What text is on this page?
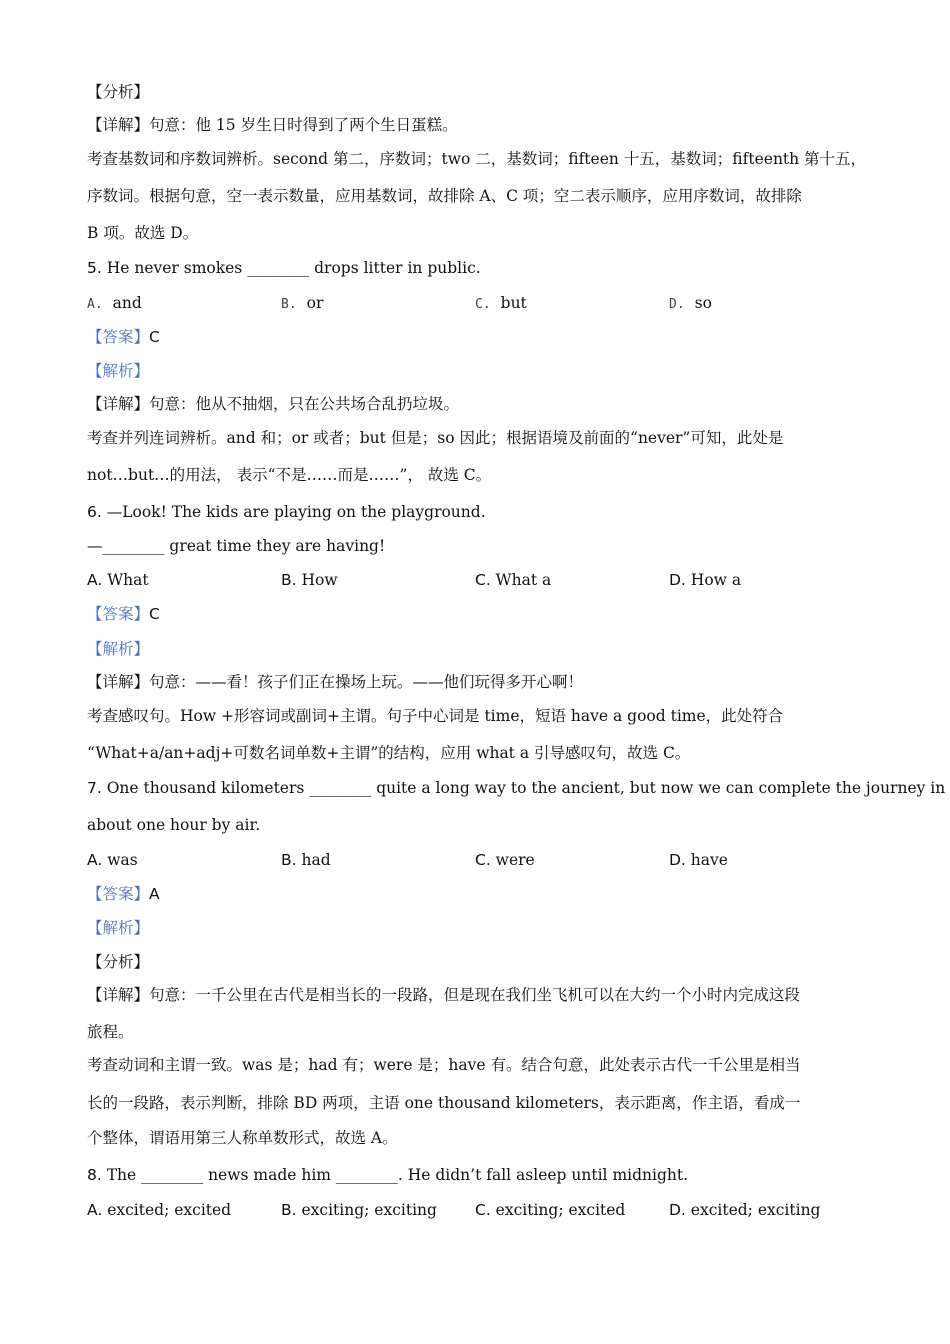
【分析】
【详解】句意：他 15 岁生日时得到了两个生日蛋糕。
考查基数词和序数词辨析。second 第二，序数词；two 二，基数词；fifteen 十五，基数词；fifteenth 第十五，
序数词。根据句意，空一表示数量，应用基数词，故排除 A、C 项；空二表示顺序，应用序数词，故排除
B 项。故选 D。
5. He never smokes ________ drops litter in public.
A. and	B. or	C. but	D. so
【答案】C
【解析】
【详解】句意：他从不抽烟，只在公共场合乱扔垃圾。
考查并列连词辨析。and 和；or 或者；but 但是；so 因此；根据语境及前面的“never”可知，此处是
not…but…的用法， 表示“不是……而是……”， 故选 C。
6. —Look! The kids are playing on the playground.
—________ great time they are having!
A. What	B. How	C. What a	D. How a
【答案】C
【解析】
【详解】句意：——看！孩子们正在操场上玩。——他们玩得多开心啊！
考查感叹句。How +形容词或副词+主谓。句子中心词是 time，短语 have a good time，此处符合
“What+a/an+adj+可数名词单数+主谓”的结构，应用 what a 引导感叹句，故选 C。
7. One thousand kilometers ________ quite a long way to the ancient, but now we can complete the journey in
about one hour by air.
A. was	B. had	C. were	D. have
【答案】A
【解析】
【分析】
【详解】句意：一千公里在古代是相当长的一段路，但是现在我们坐飞机可以在大约一个小时内完成这段
旅程。
考查动词和主谓一致。was 是；had 有；were 是；have 有。结合句意，此处表示古代一千公里是相当
长的一段路，表示判断，排除 BD 两项，主语 one thousand kilometers，表示距离，作主语，看成一
个整体，谓语用第三人称单数形式，故选 A。
8. The ________ news made him ________. He didn’t fall asleep until midnight.
A. excited; excited	B. exciting; exciting C. exciting; excited	D. excited; exciting
